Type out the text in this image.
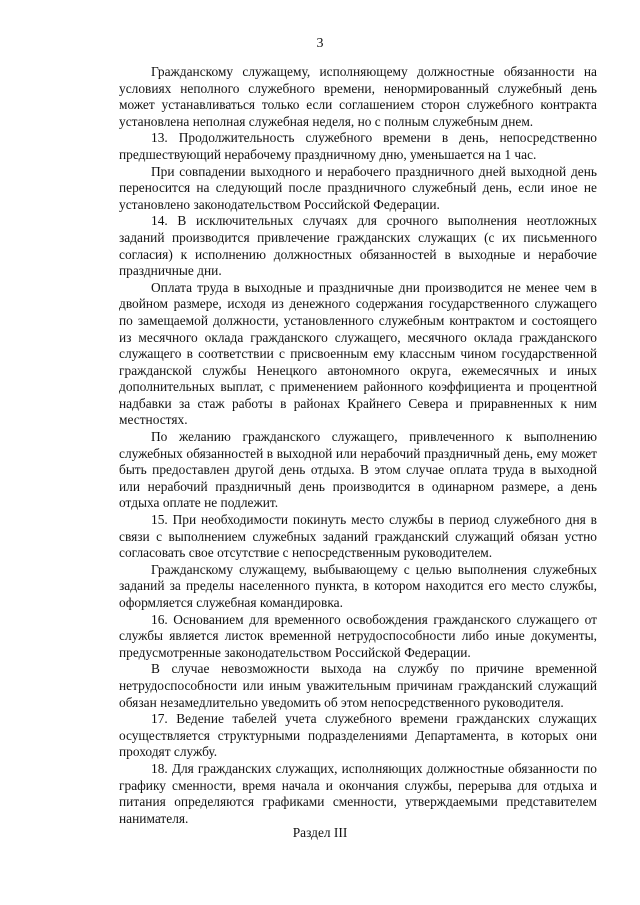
3

Гражданскому служащему, исполняющему должностные обязанности на условиях неполного служебного времени, ненормированный служебный день может устанавливаться только если соглашением сторон служебного контракта установлена неполная служебная неделя, но с полным служебным днем.

13. Продолжительность служебного времени в день, непосредственно предшествующий нерабочему праздничному дню, уменьшается на 1 час.

При совпадении выходного и нерабочего праздничного дней выходной день переносится на следующий после праздничного служебный день, если иное не установлено законодательством Российской Федерации.

14. В исключительных случаях для срочного выполнения неотложных заданий производится привлечение гражданских служащих (с их письменного согласия) к исполнению должностных обязанностей в выходные и нерабочие праздничные дни.

Оплата труда в выходные и праздничные дни производится не менее чем в двойном размере, исходя из денежного содержания государственного служащего по замещаемой должности, установленного служебным контрактом и состоящего из месячного оклада гражданского служащего, месячного оклада гражданского служащего в соответствии с присвоенным ему классным чином государственной гражданской службы Ненецкого автономного округа, ежемесячных и иных дополнительных выплат, с применением районного коэффициента и процентной надбавки за стаж работы в районах Крайнего Севера и приравненных к ним местностях.

По желанию гражданского служащего, привлеченного к выполнению служебных обязанностей в выходной или нерабочий праздничный день, ему может быть предоставлен другой день отдыха. В этом случае оплата труда в выходной или нерабочий праздничный день производится в одинарном размере, а день отдыха оплате не подлежит.

15. При необходимости покинуть место службы в период служебного дня в связи с выполнением служебных заданий гражданский служащий обязан устно согласовать свое отсутствие с непосредственным руководителем.

Гражданскому служащему, выбывающему с целью выполнения служебных заданий за пределы населенного пункта, в котором находится его место службы, оформляется служебная командировка.

16. Основанием для временного освобождения гражданского служащего от службы является листок временной нетрудоспособности либо иные документы, предусмотренные законодательством Российской Федерации.

В случае невозможности выхода на службу по причине временной нетрудоспособности или иным уважительным причинам гражданский служащий обязан незамедлительно уведомить об этом непосредственного руководителя.

17. Ведение табелей учета служебного времени гражданских служащих осуществляется структурными подразделениями Департамента, в которых они проходят службу.

18. Для гражданских служащих, исполняющих должностные обязанности по графику сменности, время начала и окончания службы, перерыва для отдыха и питания определяются графиками сменности, утверждаемыми представителем нанимателя.

Раздел III
